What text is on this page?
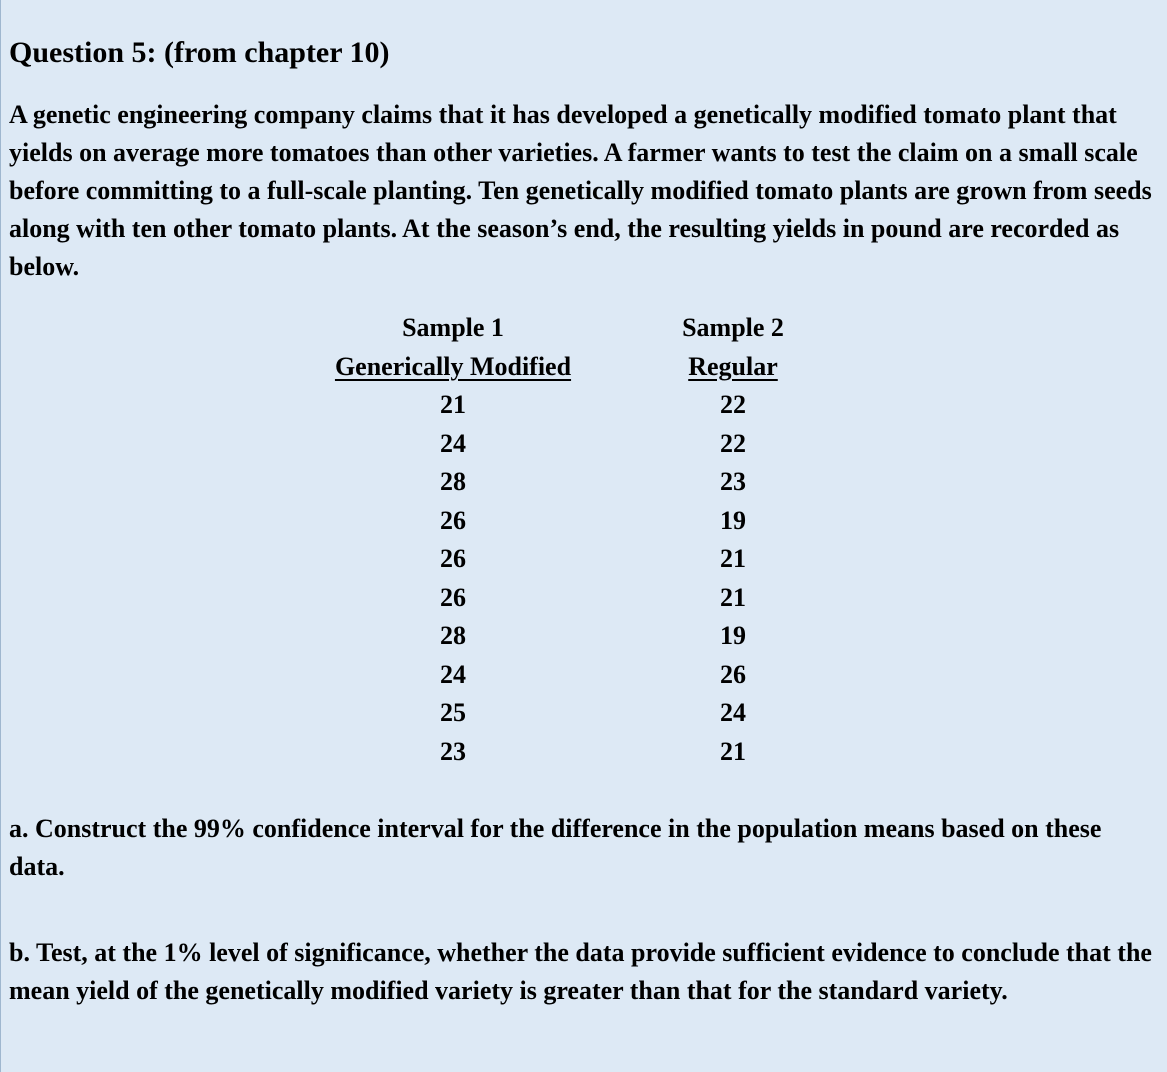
Question 5: (from chapter 10)

A genetic engineering company claims that it has developed a genetically modified tomato plant that yields on average more tomatoes than other varieties. A farmer wants to test the claim on a small scale before committing to a full-scale planting. Ten genetically modified tomato plants are grown from seeds along with ten other tomato plants. At the season’s end, the resulting yields in pound are recorded as below.

Sample 1
Generically Modified
21
24
28
26
26
26
28
24
25
23
Sample 2
Regular
22
22
23
19
21
21
19
26
24
21

a. Construct the 99% confidence interval for the difference in the population means based on these data.

b. Test, at the 1% level of significance, whether the data provide sufficient evidence to conclude that the mean yield of the genetically modified variety is greater than that for the standard variety.
